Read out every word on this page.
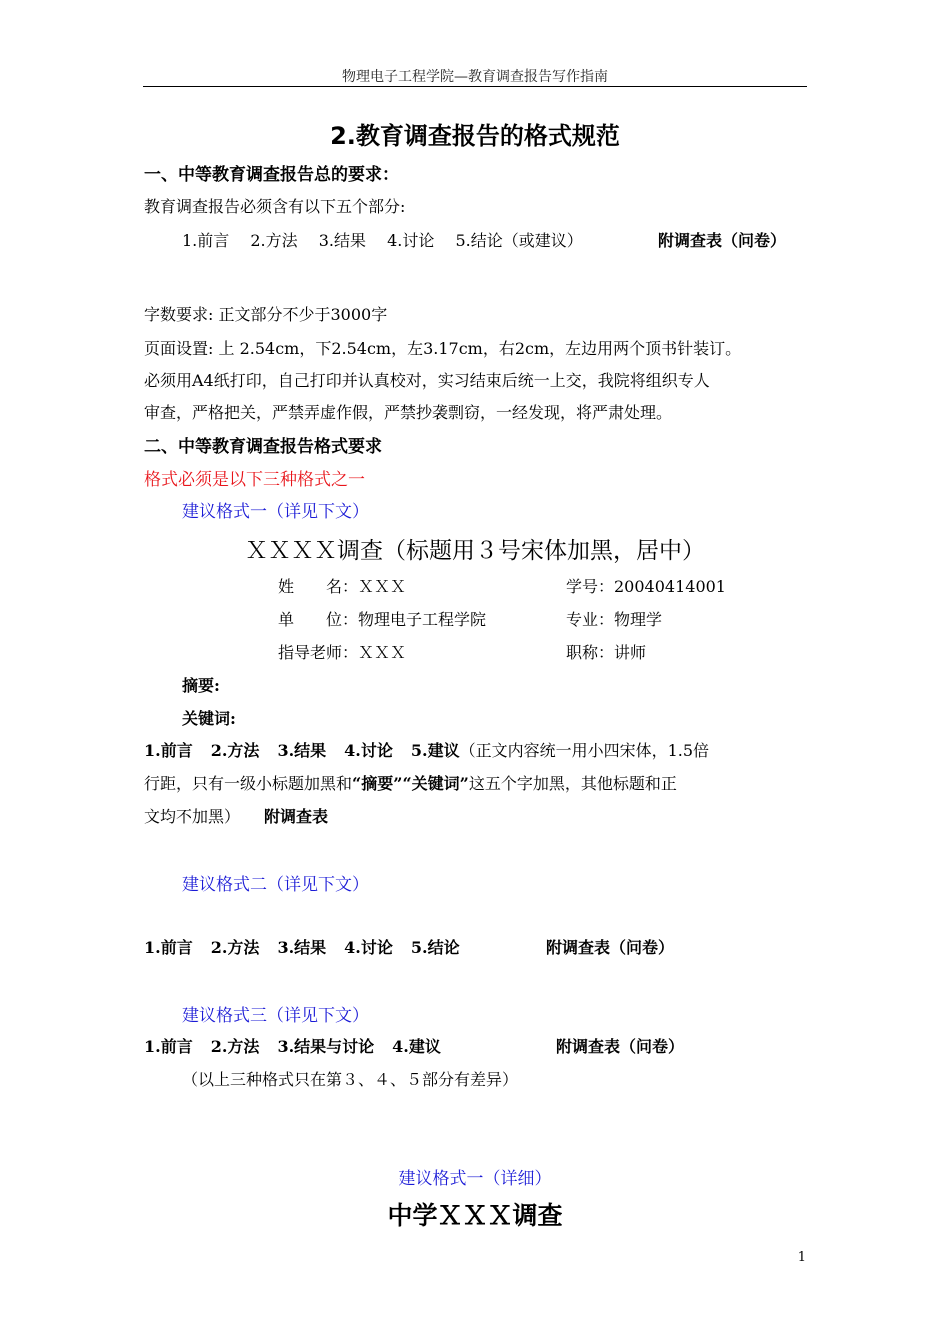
物理电子工程学院—教育调查报告写作指南
2.教育调查报告的格式规范
一、中等教育调查报告总的要求：
教育调查报告必须含有以下五个部分:
1.前言 2.方法 3.结果 4.讨论 5.结论（或建议）	附调查表（问卷）
字数要求: 正文部分不少于3000字
页面设置: 上 2.54cm，下2.54cm，左3.17cm，右2cm，左边用两个顶书针装订。
必须用A4纸打印，自己打印并认真校对，实习结束后统一上交，我院将组织专人
审查，严格把关，严禁弄虚作假，严禁抄袭剽窃，一经发现，将严肃处理。
二、中等教育调查报告格式要求
格式必须是以下三种格式之一
建议格式一（详见下文）
ＸＸＸＸ调查（标题用３号宋体加黑，居中）
姓　　名：ＸＸＸ	学号：20040414001
单　　位：物理电子工程学院	专业：物理学
指导老师：ＸＸＸ	职称：讲师
摘要:
关键词:
1.前言 2.方法 3.结果 4.讨论 5.建议（正文内容统一用小四宋体，1.5倍
行距，只有一级小标题加黑和“摘要”“关键词”这五个字加黑，其他标题和正
文均不加黑） 附调查表
建议格式二（详见下文）
1.前言 2.方法 3.结果 4.讨论 5.结论	附调查表（问卷）
建议格式三（详见下文）
1.前言 2.方法 3.结果与讨论 4.建议	附调查表（问卷）
（以上三种格式只在第３、４、５部分有差异）
建议格式一（详细）
中学ＸＸＸ调查
1
